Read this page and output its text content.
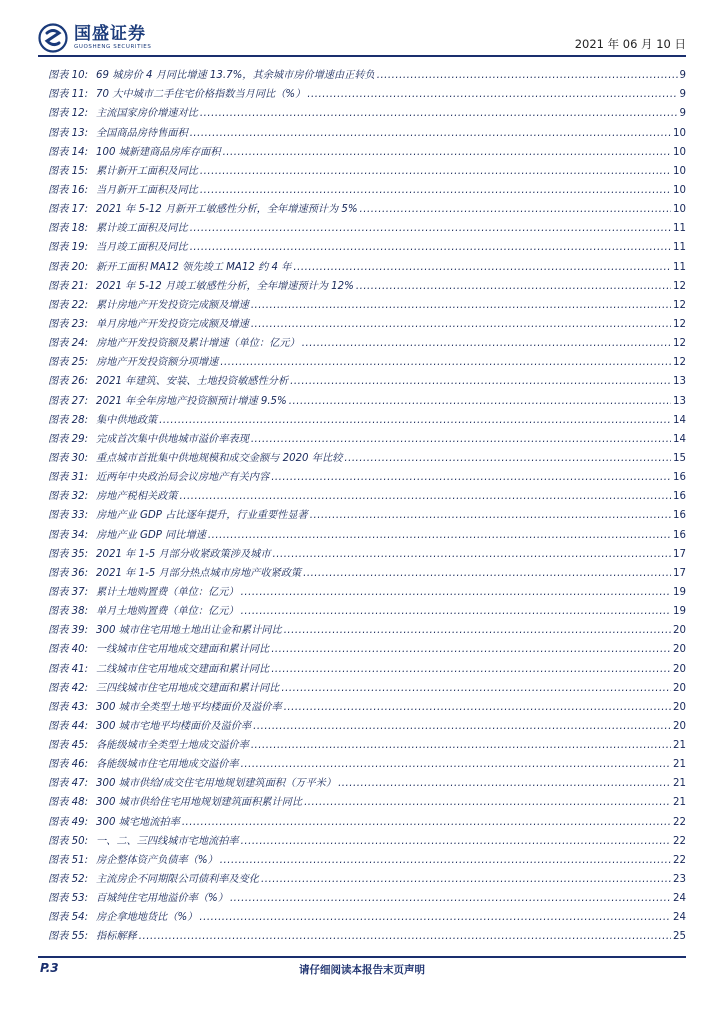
国盛证券
GUOSHENG SECURITIES	2021 年 06 月 10 日
图表 10: 69 城房价 4 月同比增速 13.7%，其余城市房价增速由正转负 .....	9
图表 11: 70 大中城市二手住宅价格指数当月同比（%） .....	9
图表 12: 主流国家房价增速对比 .....	9
图表 13: 全国商品房待售面积 .....	10
图表 14: 100 城新建商品房库存面积 .....	10
图表 15: 累计新开工面积及同比 .....	10
图表 16: 当月新开工面积及同比 .....	10
图表 17: 2021 年 5-12 月新开工敏感性分析，全年增速预计为 5% .....	10
图表 18: 累计竣工面积及同比 .....	11
图表 19: 当月竣工面积及同比 .....	11
图表 20: 新开工面积 MA12 领先竣工 MA12 约 4 年 .....	11
图表 21: 2021 年 5-12 月竣工敏感性分析，全年增速预计为 12% .....	12
图表 22: 累计房地产开发投资完成额及增速 .....	12
图表 23: 单月房地产开发投资完成额及增速 .....	12
图表 24: 房地产开发投资额及累计增速（单位：亿元） .....	12
图表 25: 房地产开发投资额分项增速 .....	12
图表 26: 2021 年建筑、安装、土地投资敏感性分析 .....	13
图表 27: 2021 年全年房地产投资额预计增速 9.5% .....	13
图表 28: 集中供地政策 .....	14
图表 29: 完成首次集中供地城市溢价率表现 .....	14
图表 30: 重点城市首批集中供地规模和成交金额与 2020 年比较 .....	15
图表 31: 近两年中央政治局会议房地产有关内容 .....	16
图表 32: 房地产税相关政策 .....	16
图表 33: 房地产业 GDP 占比逐年提升，行业重要性显著 .....	16
图表 34: 房地产业 GDP 同比增速 .....	16
图表 35: 2021 年 1-5 月部分收紧政策涉及城市 .....	17
图表 36: 2021 年 1-5 月部分热点城市房地产收紧政策 .....	17
图表 37: 累计土地购置费（单位：亿元） .....	19
图表 38: 单月土地购置费（单位：亿元） .....	19
图表 39: 300 城市住宅用地土地出让金和累计同比 .....	20
图表 40: 一线城市住宅用地成交建面和累计同比 .....	20
图表 41: 二线城市住宅用地成交建面和累计同比 .....	20
图表 42: 三四线城市住宅用地成交建面和累计同比 .....	20
图表 43: 300 城市全类型土地平均楼面价及溢价率 .....	20
图表 44: 300 城市宅地平均楼面价及溢价率 .....	20
图表 45: 各能级城市全类型土地成交溢价率 .....	21
图表 46: 各能级城市住宅用地成交溢价率 .....	21
图表 47: 300 城市供给/成交住宅用地规划建筑面积（万平米） .....	21
图表 48: 300 城市供给住宅用地规划建筑面积累计同比 .....	21
图表 49: 300 城宅地流拍率 .....	22
图表 50: 一、二、三四线城市宅地流拍率 .....	22
图表 51: 房企整体资产负债率（%） .....	22
图表 52: 主流房企不同期限公司债利率及变化 .....	23
图表 53: 百城纯住宅用地溢价率（%） .....	24
图表 54: 房企拿地地货比（%） .....	24
图表 55: 指标解释 .....	25
P.3	请仔细阅读本报告末页声明
